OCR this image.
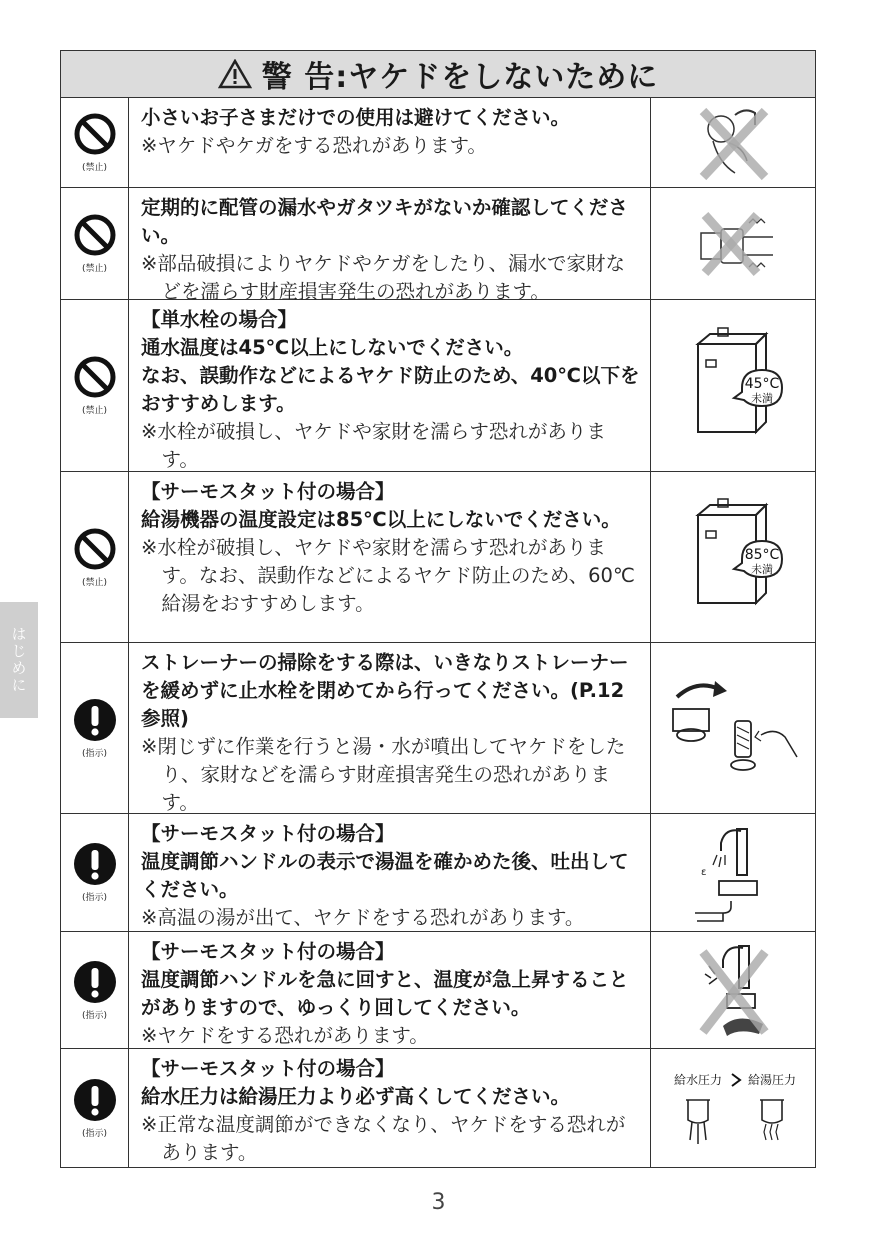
警 告:ヤケドをしないために
(禁止)
小さいお子さまだけでの使用は避けてください。
※ヤケドやケガをする恐れがあります。
(禁止)
定期的に配管の漏水やガタツキがないか確認してください。
※部品破損によりヤケドやケガをしたり、漏水で家財などを濡らす財産損害発生の恐れがあります。
(禁止)
【単水栓の場合】
通水温度は45℃以上にしないでください。
なお、誤動作などによるヤケド防止のため、40℃以下をおすすめします。
※水栓が破損し、ヤケドや家財を濡らす恐れがあります。
45°C
未満
(禁止)
【サーモスタット付の場合】
給湯機器の温度設定は85℃以上にしないでください。
※水栓が破損し、ヤケドや家財を濡らす恐れがあります。なお、誤動作などによるヤケド防止のため、60℃給湯をおすすめします。
85°C
未満
(指示)
ストレーナーの掃除をする際は、いきなりストレーナーを緩めずに止水栓を閉めてから行ってください。(P.12参照)
※閉じずに作業を行うと湯・水が噴出してヤケドをしたり、家財などを濡らす財産損害発生の恐れがあります。
(指示)
【サーモスタット付の場合】
温度調節ハンドルの表示で湯温を確かめた後、吐出してください。
※高温の湯が出て、ヤケドをする恐れがあります。
ε
(指示)
【サーモスタット付の場合】
温度調節ハンドルを急に回すと、温度が急上昇することがありますので、ゆっくり回してください。
※ヤケドをする恐れがあります。
(指示)
【サーモスタット付の場合】
給水圧力は給湯圧力より必ず高くしてください。
※正常な温度調節ができなくなり、ヤケドをする恐れがあります。
給水圧力 給湯圧力
はじめに
3
